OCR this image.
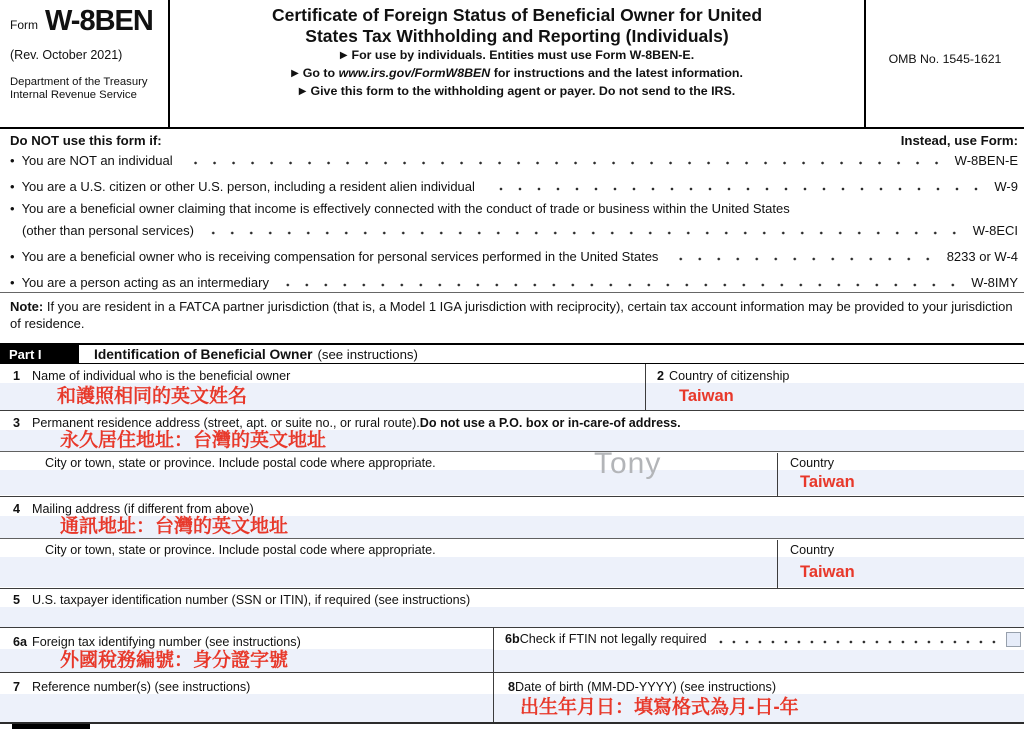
Form W-8BEN
(Rev. October 2021)
Department of the Treasury
Internal Revenue Service
Certificate of Foreign Status of Beneficial Owner for United
States Tax Withholding and Reporting (Individuals)
▶ For use by individuals. Entities must use Form W-8BEN-E.
▶ Go to www.irs.gov/FormW8BEN for instructions and the latest information.
▶ Give this form to the withholding agent or payer. Do not send to the IRS.
OMB No. 1545-1621
Do NOT use this form if:	Instead, use Form:
• You are NOT an individual	W-8BEN-E
• You are a U.S. citizen or other U.S. person, including a resident alien individual	W-9
• You are a beneficial owner claiming that income is effectively connected with the conduct of trade or business within the United States
(other than personal services)	W-8ECI
• You are a beneficial owner who is receiving compensation for personal services performed in the United States	8233 or W-4
• You are a person acting as an intermediary	W-8IMY
Note: If you are resident in a FATCA partner jurisdiction (that is, a Model 1 IGA jurisdiction with reciprocity), certain tax account information may be provided to your jurisdiction of residence.
Part I	Identification of Beneficial Owner (see instructions)
1 Name of individual who is the beneficial owner
和護照相同的英文姓名
2 Country of citizenship
Taiwan
3 Permanent residence address (street, apt. or suite no., or rural route). Do not use a P.O. box or in-care-of address.
永久居住地址：台灣的英文地址
City or town, state or province. Include postal code where appropriate.	Country
Taiwan
4 Mailing address (if different from above)
通訊地址：台灣的英文地址
City or town, state or province. Include postal code where appropriate.	Country
Taiwan
5 U.S. taxpayer identification number (SSN or ITIN), if required (see instructions)
6a Foreign tax identifying number (see instructions)
外國稅務編號：身分證字號
6b Check if FTIN not legally required
7 Reference number(s) (see instructions)	8 Date of birth (MM-DD-YYYY) (see instructions)
出生年月日：填寫格式為月-日-年
Tony
